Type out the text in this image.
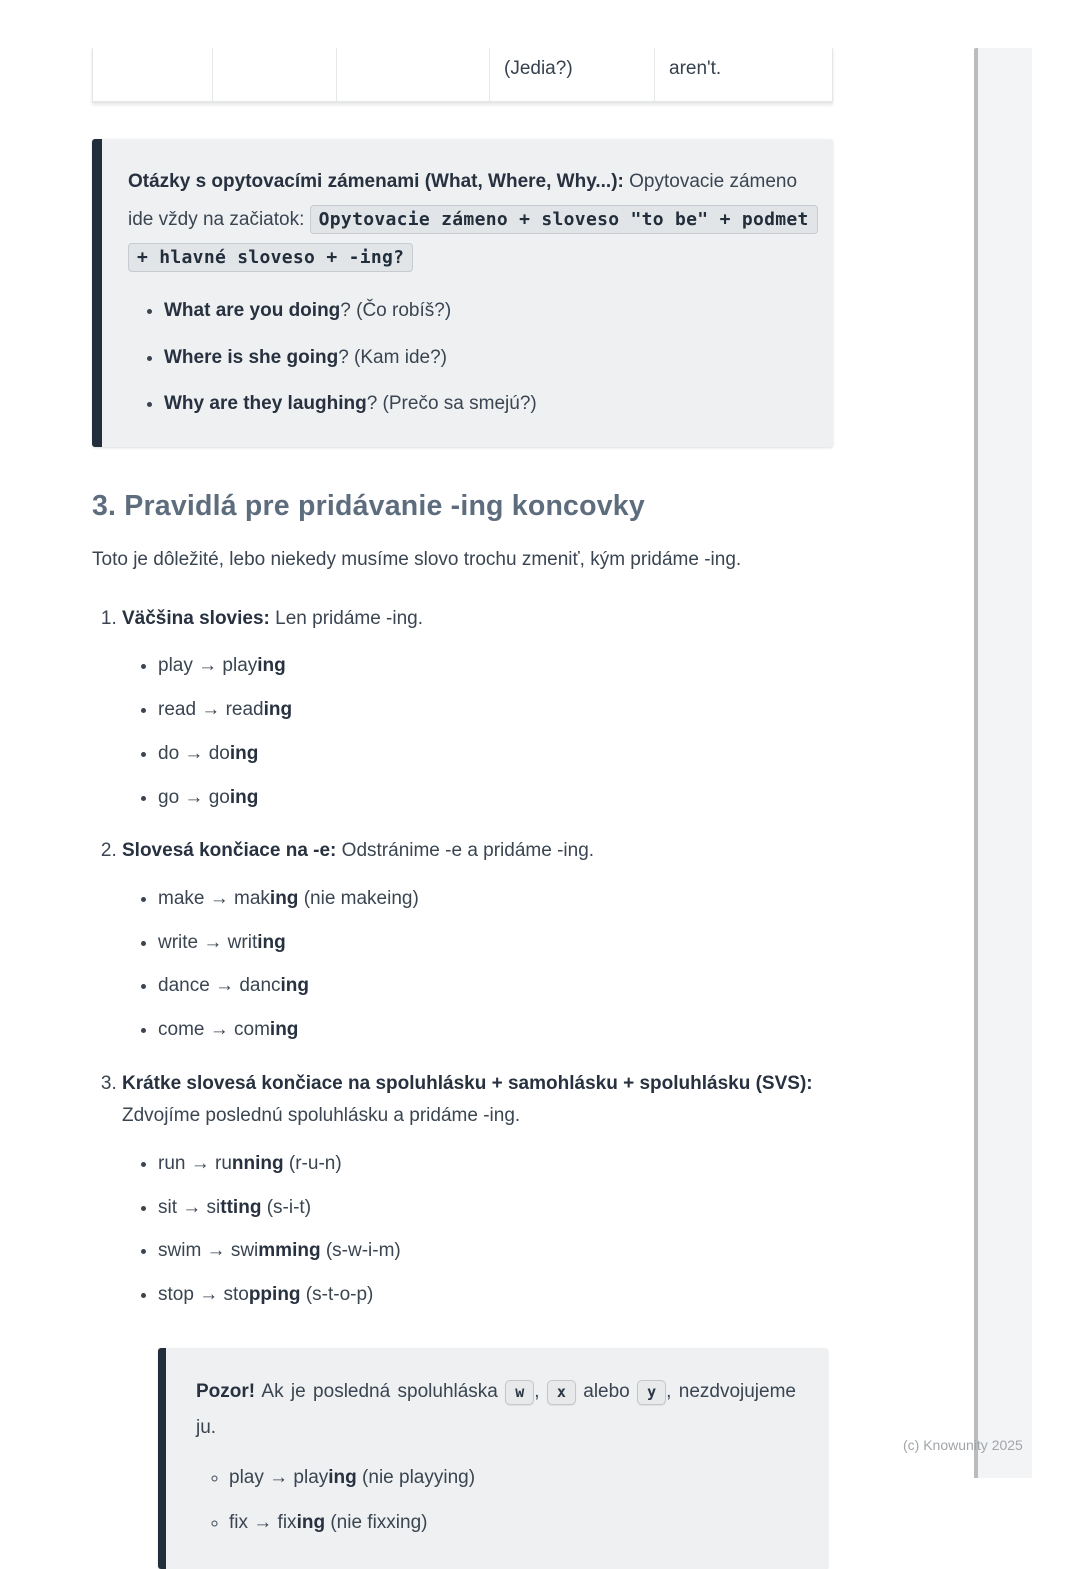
(Jedia?)	aren't.
Otázky s opytovacími zámenami (What, Where, Why...): Opytovacie zámeno ide vždy na začiatok: Opytovacie zámeno + sloveso "to be" + podmet + hlavné sloveso + -ing?
• What are you doing? (Čo robíš?)
• Where is she going? (Kam ide?)
• Why are they laughing? (Prečo sa smejú?)
3. Pravidlá pre pridávanie -ing koncovky
Toto je dôležité, lebo niekedy musíme slovo trochu zmeniť, kým pridáme -ing.
1. Väčšina slovies: Len pridáme -ing.
• play → playing
• read → reading
• do → doing
• go → going
2. Slovesá končiace na -e: Odstránime -e a pridáme -ing.
• make → making (nie makeing)
• write → writing
• dance → dancing
• come → coming
3. Krátke slovesá končiace na spoluhlásku + samohlásku + spoluhlásku (SVS): Zdvojíme poslednú spoluhlásku a pridáme -ing.
• run → running (r-u-n)
• sit → sitting (s-i-t)
• swim → swimming (s-w-i-m)
• stop → stopping (s-t-o-p)
Pozor! Ak je posledná spoluhláska w , x alebo y , nezdvojujeme ju.
◦ play → playing (nie playying)
◦ fix → fixing (nie fixxing)
(c) Knowunity 2025
